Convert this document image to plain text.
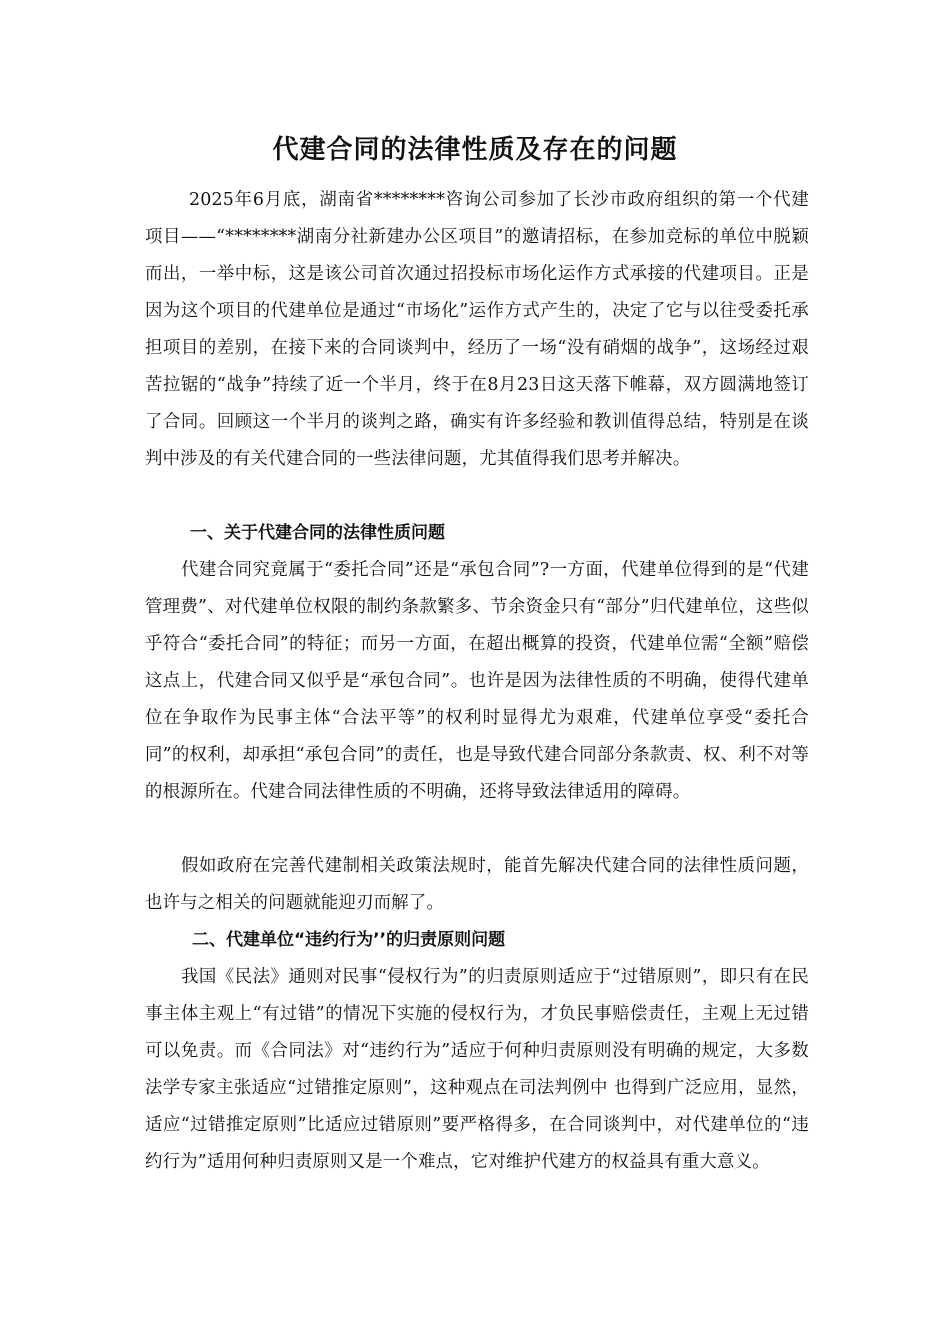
代建合同的法律性质及存在的问题

2025年6月底，湖南省********咨询公司参加了长沙市政府组织的第一个代建项目——“********湖南分社新建办公区项目”的邀请招标，在参加竞标的单位中脱颖而出，一举中标，这是该公司首次通过招投标市场化运作方式承接的代建项目。正是因为这个项目的代建单位是通过“市场化”运作方式产生的，决定了它与以往受委托承担项目的差别，在接下来的合同谈判中，经历了一场“没有硝烟的战争”，这场经过艰苦拉锯的“战争”持续了近一个半月，终于在8月23日这天落下帷幕，双方圆满地签订了合同。回顾这一个半月的谈判之路，确实有许多经验和教训值得总结，特别是在谈判中涉及的有关代建合同的一些法律问题，尤其值得我们思考并解决。

一、关于代建合同的法律性质问题

代建合同究竟属于“委托合同”还是“承包合同”?一方面，代建单位得到的是“代建管理费”、对代建单位权限的制约条款繁多、节余资金只有“部分”归代建单位，这些似乎符合“委托合同”的特征；而另一方面，在超出概算的投资，代建单位需“全额”赔偿这点上，代建合同又似乎是“承包合同”。也许是因为法律性质的不明确，使得代建单位在争取作为民事主体“合法平等”的权利时显得尤为艰难，代建单位享受“委托合同”的权利，却承担“承包合同”的责任，也是导致代建合同部分条款责、权、利不对等的根源所在。代建合同法律性质的不明确，还将导致法律适用的障碍。

假如政府在完善代建制相关政策法规时，能首先解决代建合同的法律性质问题，也许与之相关的问题就能迎刃而解了。

二、代建单位“违约行为’’的归责原则问题

我国《民法》通则对民事“侵权行为”的归责原则适应于“过错原则”，即只有在民事主体主观上“有过错”的情况下实施的侵权行为，才负民事赔偿责任，主观上无过错可以免责。而《合同法》对“违约行为”适应于何种归责原则没有明确的规定，大多数法学专家主张适应“过错推定原则”，这种观点在司法判例中 也得到广泛应用，显然，适应“过错推定原则”比适应过错原则”要严格得多，在合同谈判中，对代建单位的“违约行为”适用何种归责原则又是一个难点，它对维护代建方的权益具有重大意义。
